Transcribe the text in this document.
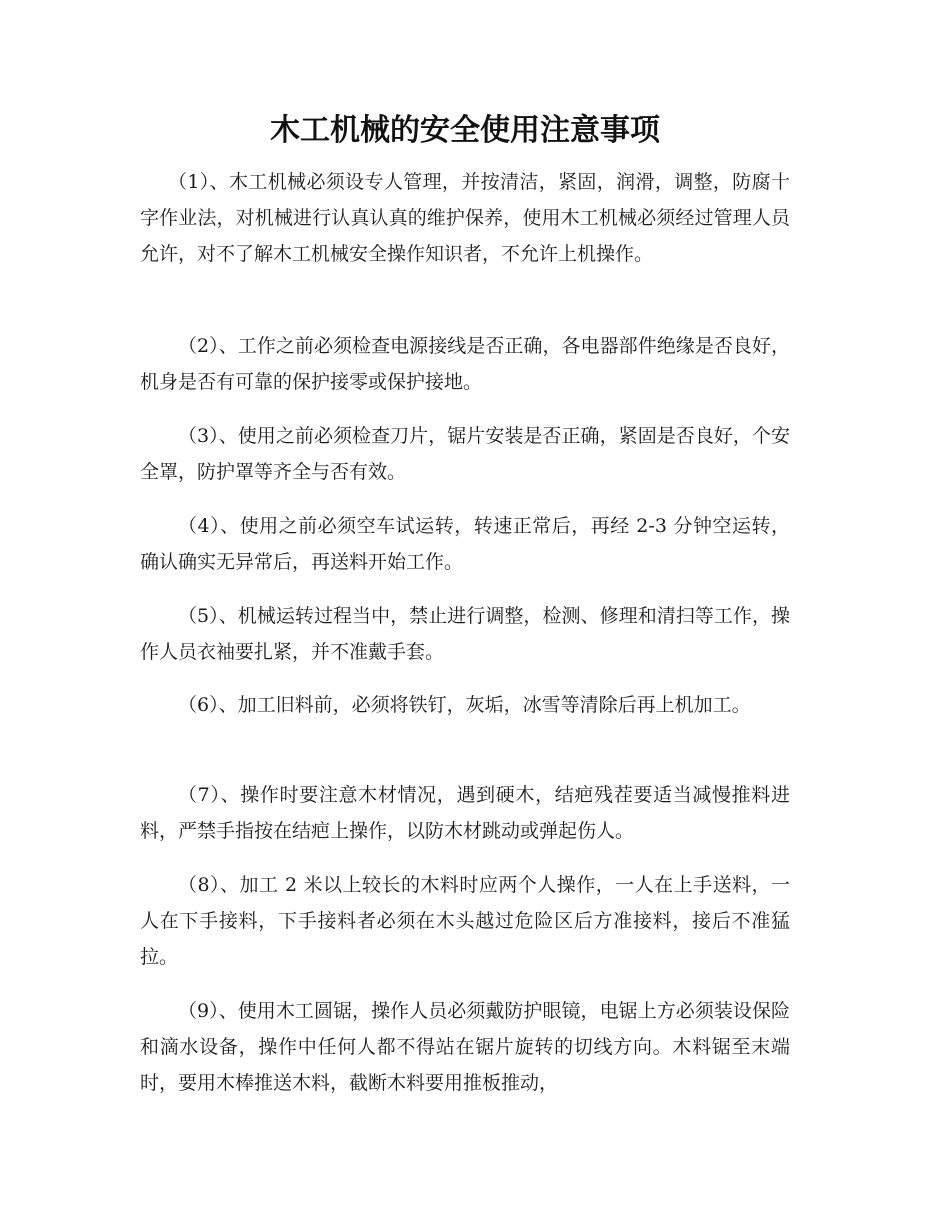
木工机械的安全使用注意事项

（1）、木工机械必须设专人管理，并按清洁，紧固，润滑，调整，防腐十字作业法，对机械进行认真认真的维护保养，使用木工机械必须经过管理人员允许，对不了解木工机械安全操作知识者，不允许上机操作。

（2）、工作之前必须检查电源接线是否正确，各电器部件绝缘是否良好，机身是否有可靠的保护接零或保护接地。

（3）、使用之前必须检查刀片，锯片安装是否正确，紧固是否良好，个安全罩，防护罩等齐全与否有效。

（4）、使用之前必须空车试运转，转速正常后，再经 2-3 分钟空运转，确认确实无异常后，再送料开始工作。

（5）、机械运转过程当中，禁止进行调整，检测、修理和清扫等工作，操作人员衣袖要扎紧，并不准戴手套。

（6）、加工旧料前，必须将铁钉，灰垢，冰雪等清除后再上机加工。

（7）、操作时要注意木材情况，遇到硬木，结疤残茬要适当减慢推料进料，严禁手指按在结疤上操作，以防木材跳动或弹起伤人。

（8）、加工 2 米以上较长的木料时应两个人操作，一人在上手送料，一人在下手接料，下手接料者必须在木头越过危险区后方准接料，接后不准猛拉。

（9）、使用木工圆锯，操作人员必须戴防护眼镜，电锯上方必须装设保险和滴水设备，操作中任何人都不得站在锯片旋转的切线方向。木料锯至末端时，要用木棒推送木料，截断木料要用推板推动，
